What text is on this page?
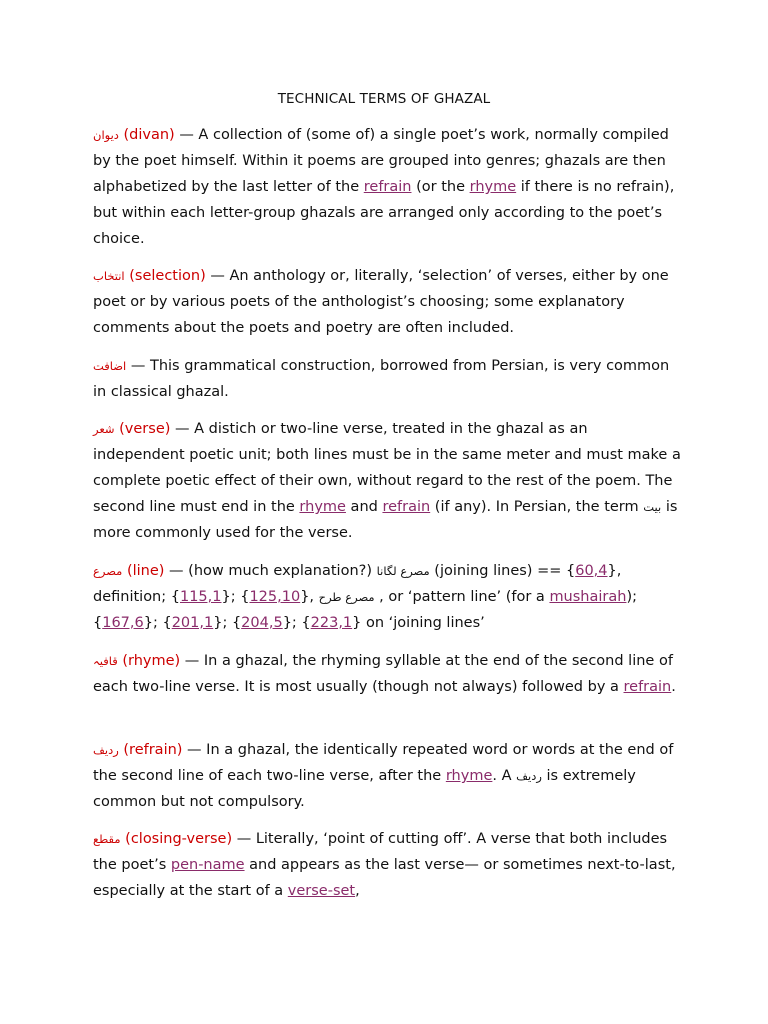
TECHNICAL TERMS OF GHAZAL
دیوان (divan) — A collection of (some of) a single poet’s work, normally compiled by the poet himself. Within it poems are grouped into genres; ghazals are then alphabetized by the last letter of the refrain (or the rhyme if there is no refrain), but within each letter-group ghazals are arranged only according to the poet’s choice.
انتخاب (selection) — An anthology or, literally, ‘selection’ of verses, either by one poet or by various poets of the anthologist’s choosing; some explanatory comments about the poets and poetry are often included.
اضافت — This grammatical construction, borrowed from Persian, is very common in classical ghazal.
شعر (verse) — A distich or two-line verse, treated in the ghazal as an independent poetic unit; both lines must be in the same meter and must make a complete poetic effect of their own, without regard to the rest of the poem. The second line must end in the rhyme and refrain (if any). In Persian, the term بیت is more commonly used for the verse.
مصرع (line) — (how much explanation?) مصرع لگانا (joining lines) == {60,4}, definition; {115,1}; {125,10}, مصرع طرح , or ‘pattern line’ (for a mushairah); {167,6}; {201,1}; {204,5}; {223,1} on ‘joining lines’
قافیہ (rhyme) — In a ghazal, the rhyming syllable at the end of the second line of each two-line verse. It is most usually (though not always) followed by a refrain.
ردیف (refrain) — In a ghazal, the identically repeated word or words at the end of the second line of each two-line verse, after the rhyme. A ردیف is extremely common but not compulsory.
مقطع (closing-verse) — Literally, ‘point of cutting off’. A verse that both includes the poet’s pen-name and appears as the last verse— or sometimes next-to-last, especially at the start of a verse-set,
